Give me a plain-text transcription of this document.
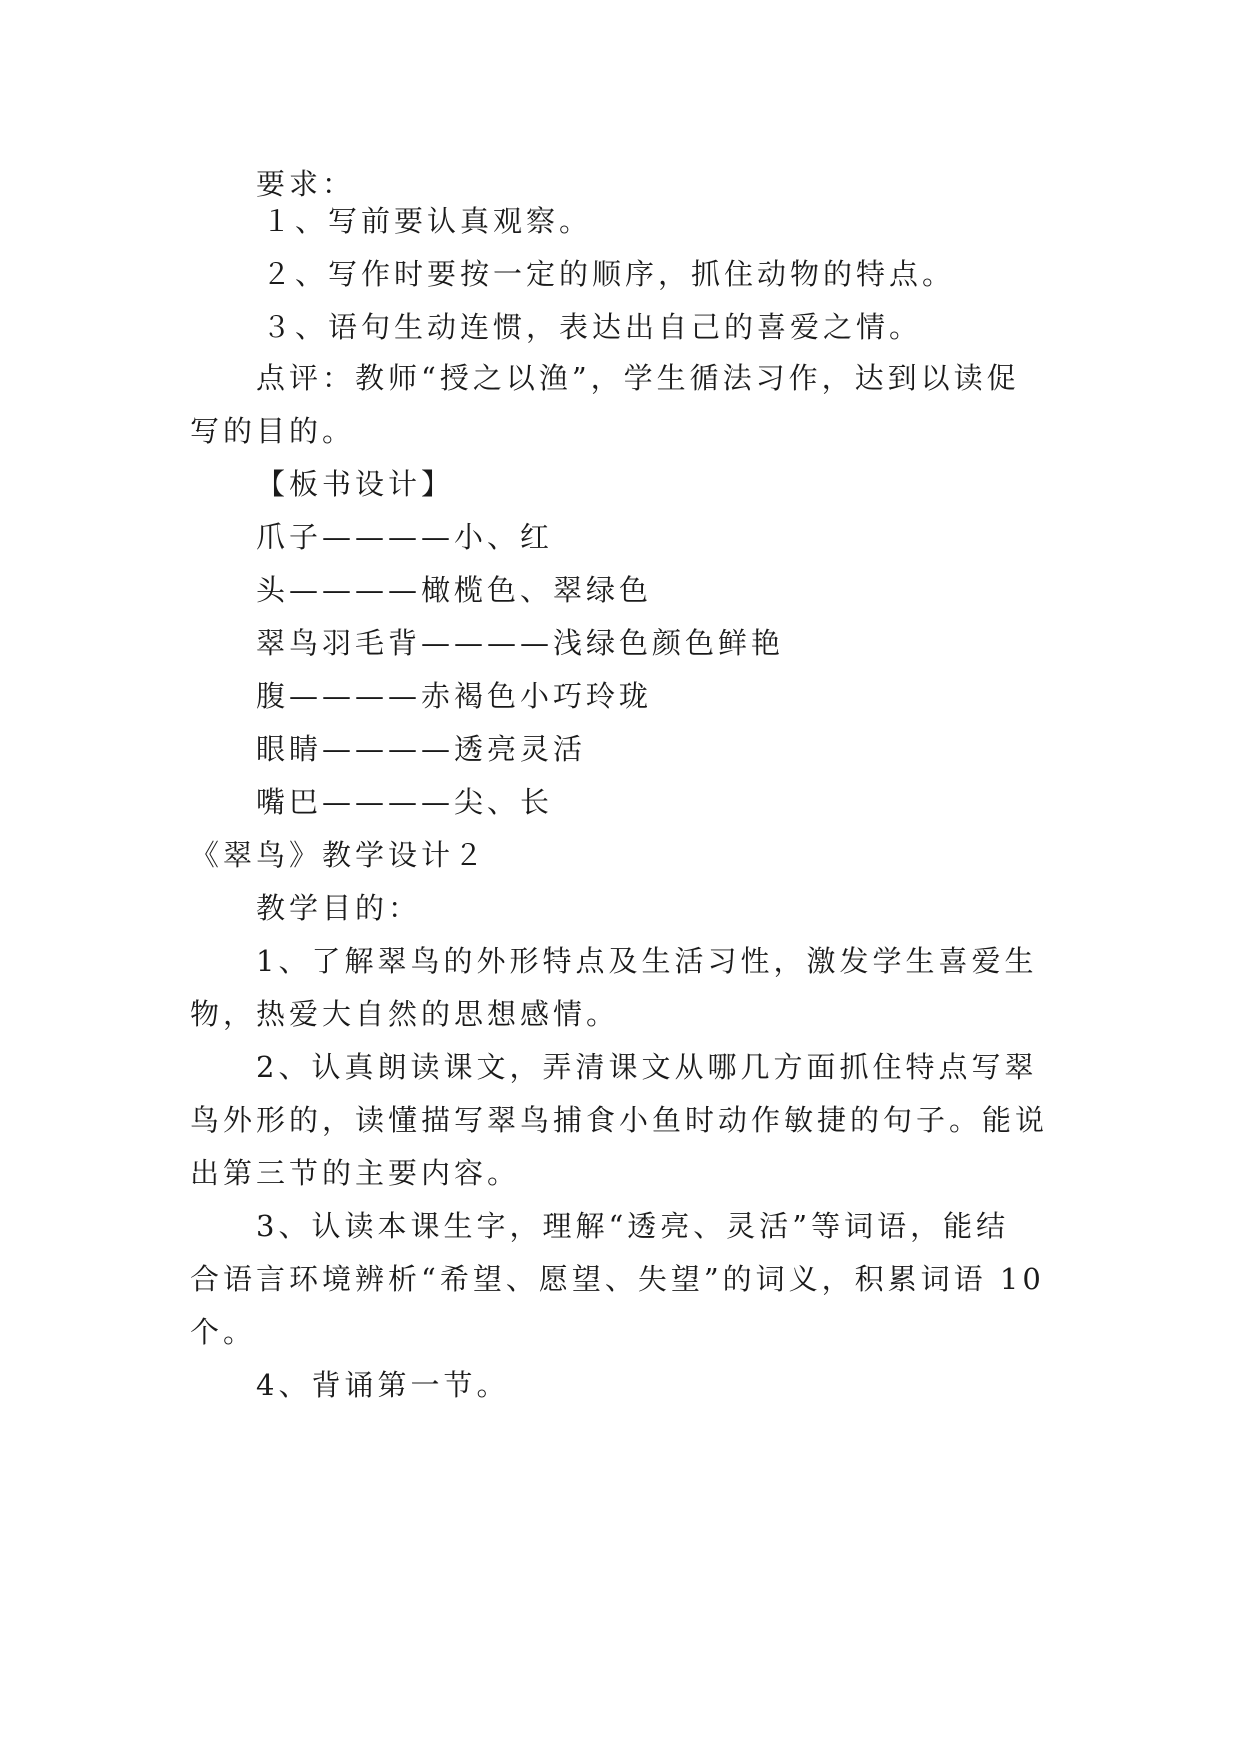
要求：
１、写前要认真观察。
２、写作时要按一定的顺序，抓住动物的特点。
３、语句生动连惯，表达出自己的喜爱之情。
点评：教师“授之以渔”，学生循法习作，达到以读促
写的目的。
【板书设计】
爪子————小、红
头————橄榄色、翠绿色
翠鸟羽毛背————浅绿色颜色鲜艳
腹————赤褐色小巧玲珑
眼睛————透亮灵活
嘴巴————尖、长
《翠鸟》教学设计２
教学目的：
1、了解翠鸟的外形特点及生活习性，激发学生喜爱生
物，热爱大自然的思想感情。
2、认真朗读课文，弄清课文从哪几方面抓住特点写翠
鸟外形的，读懂描写翠鸟捕食小鱼时动作敏捷的句子。能说
出第三节的主要内容。
3、认读本课生字，理解“透亮、灵活”等词语，能结
合语言环境辨析“希望、愿望、失望”的词义，积累词语 10
个。
4、背诵第一节。
